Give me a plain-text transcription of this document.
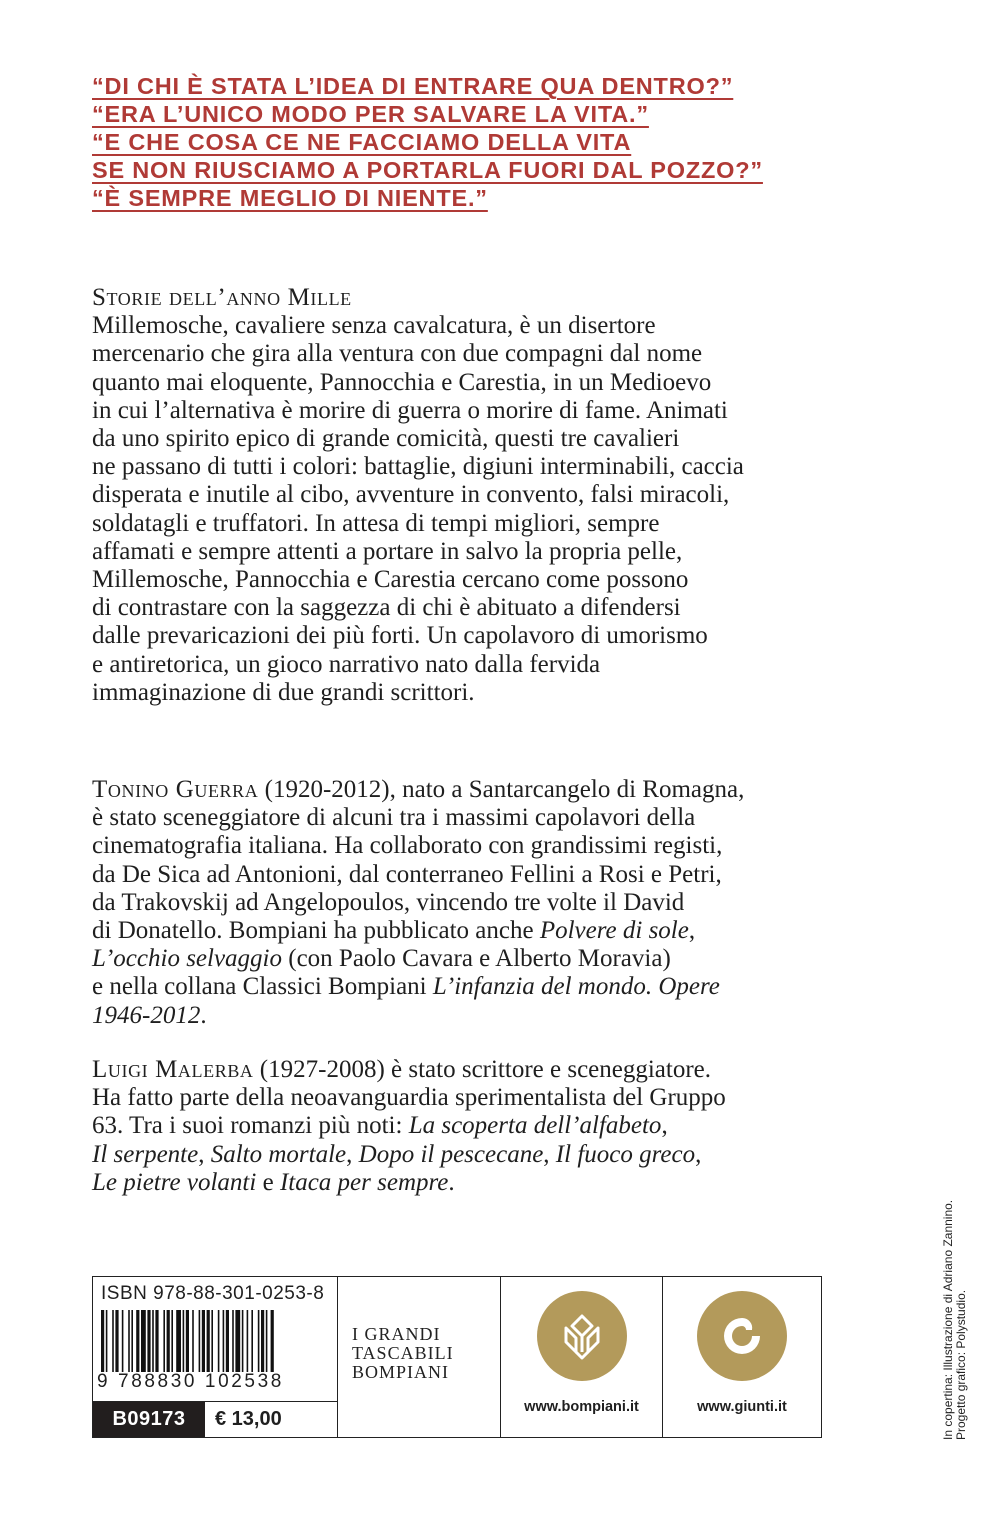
“DI CHI È STATA L’IDEA DI ENTRARE QUA DENTRO?”
“ERA L’UNICO MODO PER SALVARE LA VITA.”
“E CHE COSA CE NE FACCIAMO DELLA VITA
SE NON RIUSCIAMO A PORTARLA FUORI DAL POZZO?”
“È SEMPRE MEGLIO DI NIENTE.”

Storie dell’anno Mille

Millemosche, cavaliere senza cavalcatura, è un disertore

mercenario che gira alla ventura con due compagni dal nome

quanto mai eloquente, Pannocchia e Carestia, in un Medioevo

in cui l’alternativa è morire di guerra o morire di fame. Animati

da uno spirito epico di grande comicità, questi tre cavalieri

ne passano di tutti i colori: battaglie, digiuni interminabili, caccia

disperata e inutile al cibo, avventure in convento, falsi miracoli,

soldatagli e truffatori. In attesa di tempi migliori, sempre

affamati e sempre attenti a portare in salvo la propria pelle,

Millemosche, Pannocchia e Carestia cercano come possono

di contrastare con la saggezza di chi è abituato a difendersi

dalle prevaricazioni dei più forti. Un capolavoro di umorismo

e antiretorica, un gioco narrativo nato dalla fervida

immaginazione di due grandi scrittori.

Tonino Guerra (1920-2012), nato a Santarcangelo di Romagna,

è stato sceneggiatore di alcuni tra i massimi capolavori della

cinematografia italiana. Ha collaborato con grandissimi registi,

da De Sica ad Antonioni, dal conterraneo Fellini a Rosi e Petri,

da Trakovskij ad Angelopoulos, vincendo tre volte il David

di Donatello. Bompiani ha pubblicato anche Polvere di sole,

L’occhio selvaggio (con Paolo Cavara e Alberto Moravia)

e nella collana Classici Bompiani L’infanzia del mondo. Opere

1946-2012.

Luigi Malerba (1927-2008) è stato scrittore e sceneggiatore.

Ha fatto parte della neoavanguardia sperimentalista del Gruppo

63. Tra i suoi romanzi più noti: La scoperta dell’alfabeto,

Il serpente, Salto mortale, Dopo il pescecane, Il fuoco greco,

Le pietre volanti e Itaca per sempre.

ISBN 978-88-301-0253-8
9 788830 102538
B09173	€ 13,00
I GRANDI
TASCABILI
BOMPIANI
www.bompiani.it	www.giunti.it	In copertina: Illustrazione di Adriano Zannino. Progetto grafico: Polystudio.
